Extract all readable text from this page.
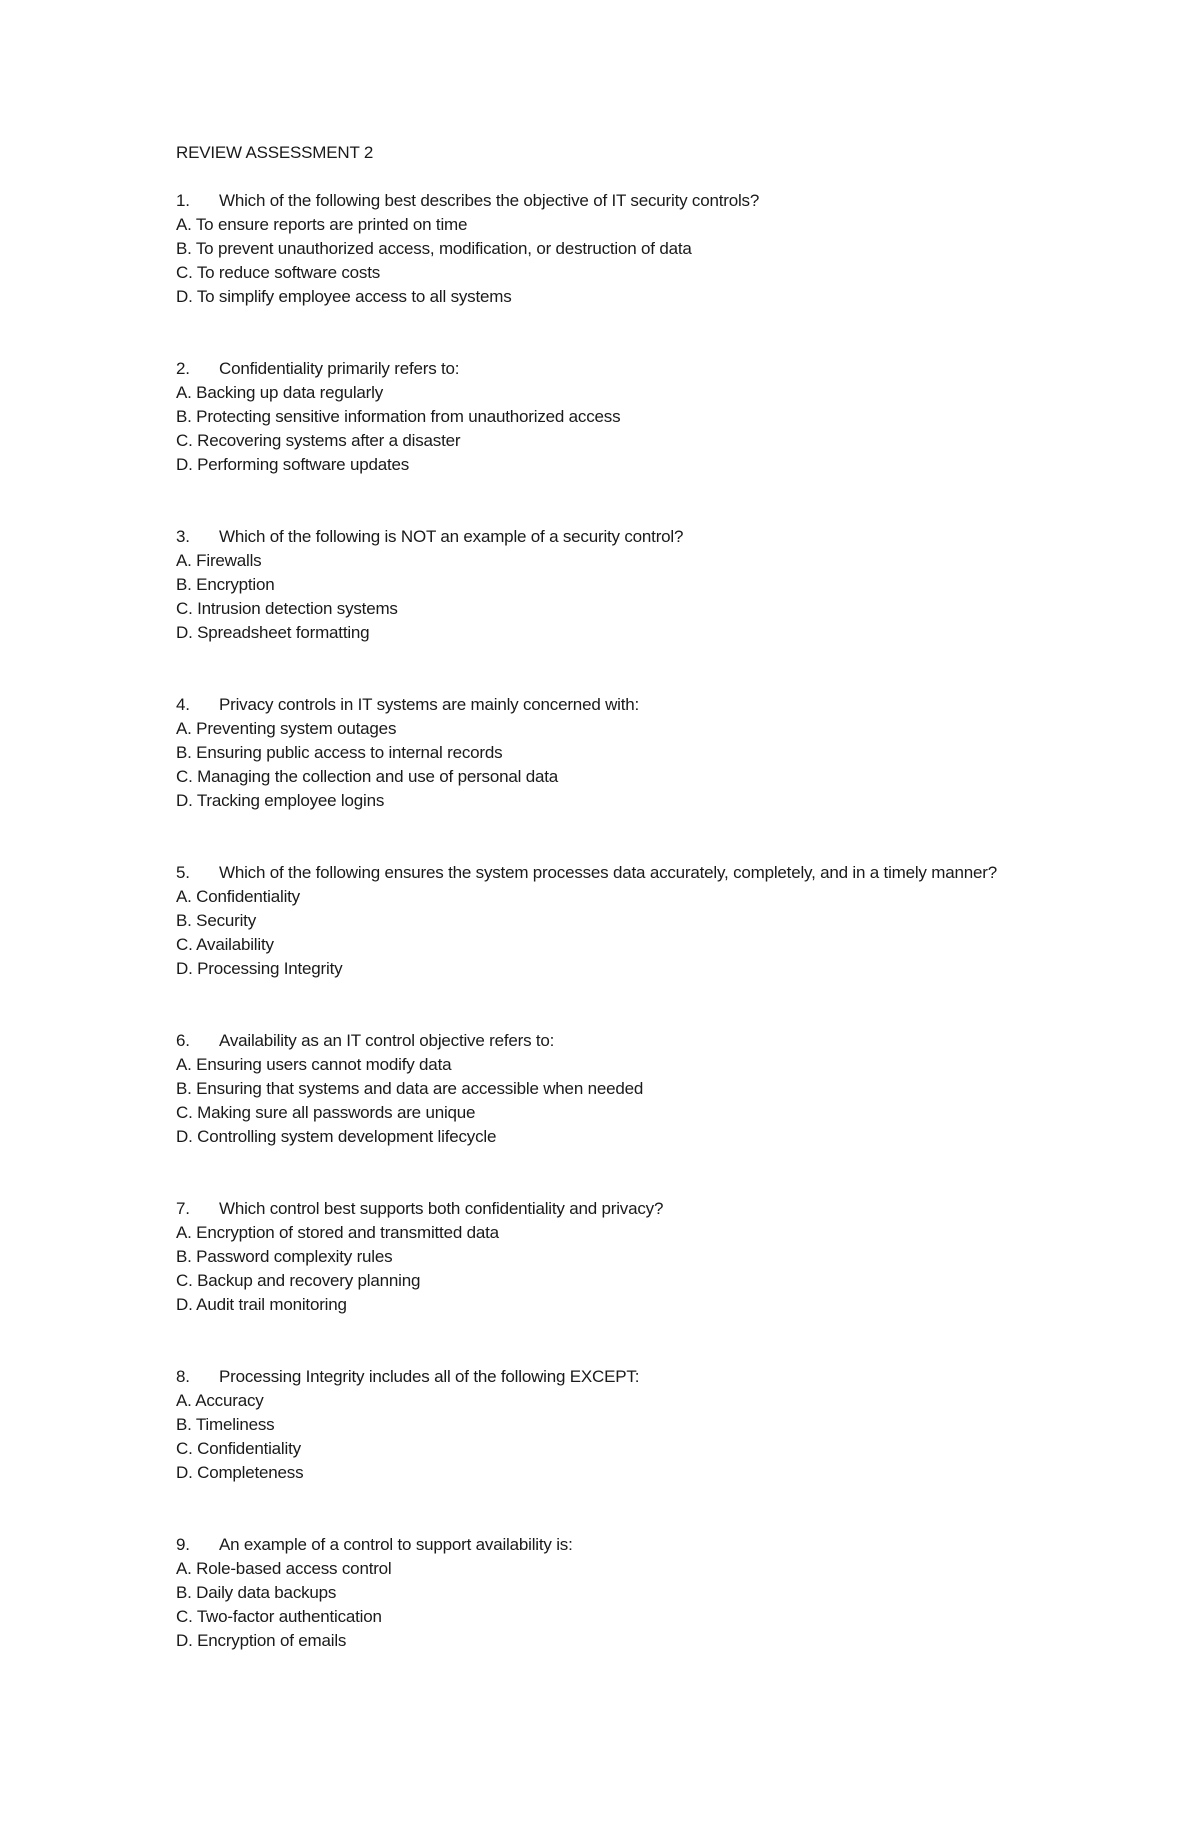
REVIEW ASSESSMENT 2
1.	Which of the following best describes the objective of IT security controls?
A. To ensure reports are printed on time
B. To prevent unauthorized access, modification, or destruction of data
C. To reduce software costs
D. To simplify employee access to all systems
2.	Confidentiality primarily refers to:
A. Backing up data regularly
B. Protecting sensitive information from unauthorized access
C. Recovering systems after a disaster
D. Performing software updates
3.	Which of the following is NOT an example of a security control?
A. Firewalls
B. Encryption
C. Intrusion detection systems
D. Spreadsheet formatting
4.	Privacy controls in IT systems are mainly concerned with:
A. Preventing system outages
B. Ensuring public access to internal records
C. Managing the collection and use of personal data
D. Tracking employee logins
5.	Which of the following ensures the system processes data accurately, completely, and in a timely manner?
A. Confidentiality
B. Security
C. Availability
D. Processing Integrity
6.	Availability as an IT control objective refers to:
A. Ensuring users cannot modify data
B. Ensuring that systems and data are accessible when needed
C. Making sure all passwords are unique
D. Controlling system development lifecycle
7.	Which control best supports both confidentiality and privacy?
A. Encryption of stored and transmitted data
B. Password complexity rules
C. Backup and recovery planning
D. Audit trail monitoring
8.	Processing Integrity includes all of the following EXCEPT:
A. Accuracy
B. Timeliness
C. Confidentiality
D. Completeness
9.	An example of a control to support availability is:
A. Role-based access control
B. Daily data backups
C. Two-factor authentication
D. Encryption of emails
